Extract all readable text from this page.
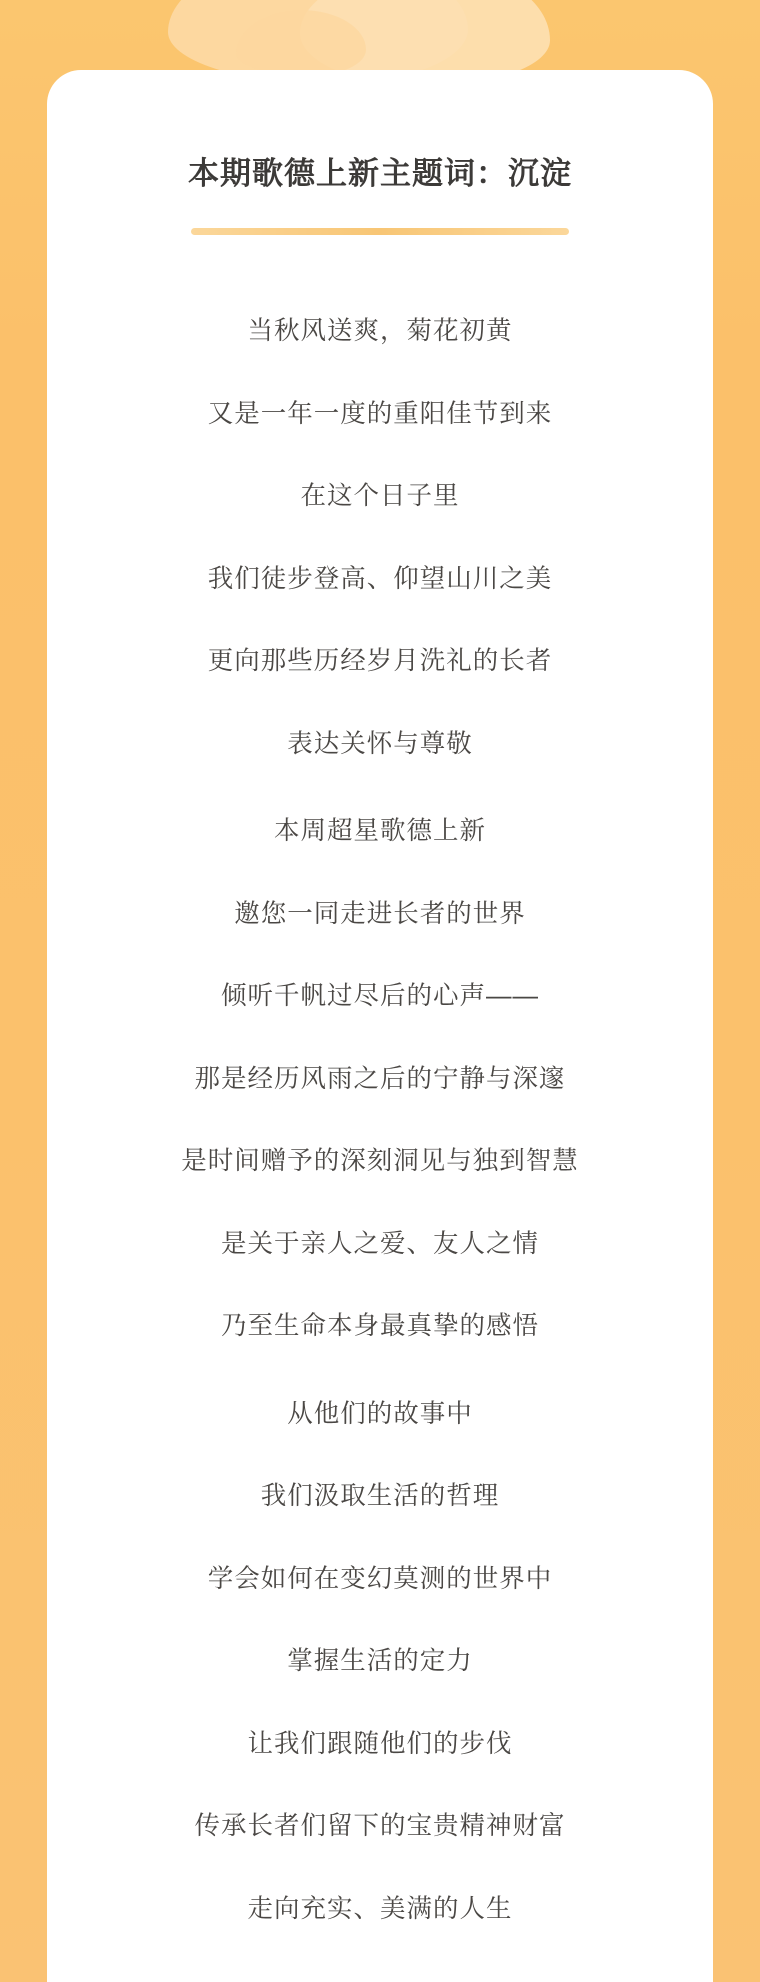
本期歌德上新主题词：沉淀

当秋风送爽，菊花初黄

又是一年一度的重阳佳节到来

在这个日子里

我们徒步登高、仰望山川之美

更向那些历经岁月洗礼的长者

表达关怀与尊敬

本周超星歌德上新

邀您一同走进长者的世界

倾听千帆过尽后的心声——

那是经历风雨之后的宁静与深邃

是时间赠予的深刻洞见与独到智慧

是关于亲人之爱、友人之情

乃至生命本身最真挚的感悟

从他们的故事中

我们汲取生活的哲理

学会如何在变幻莫测的世界中

掌握生活的定力

让我们跟随他们的步伐

传承长者们留下的宝贵精神财富

走向充实、美满的人生
